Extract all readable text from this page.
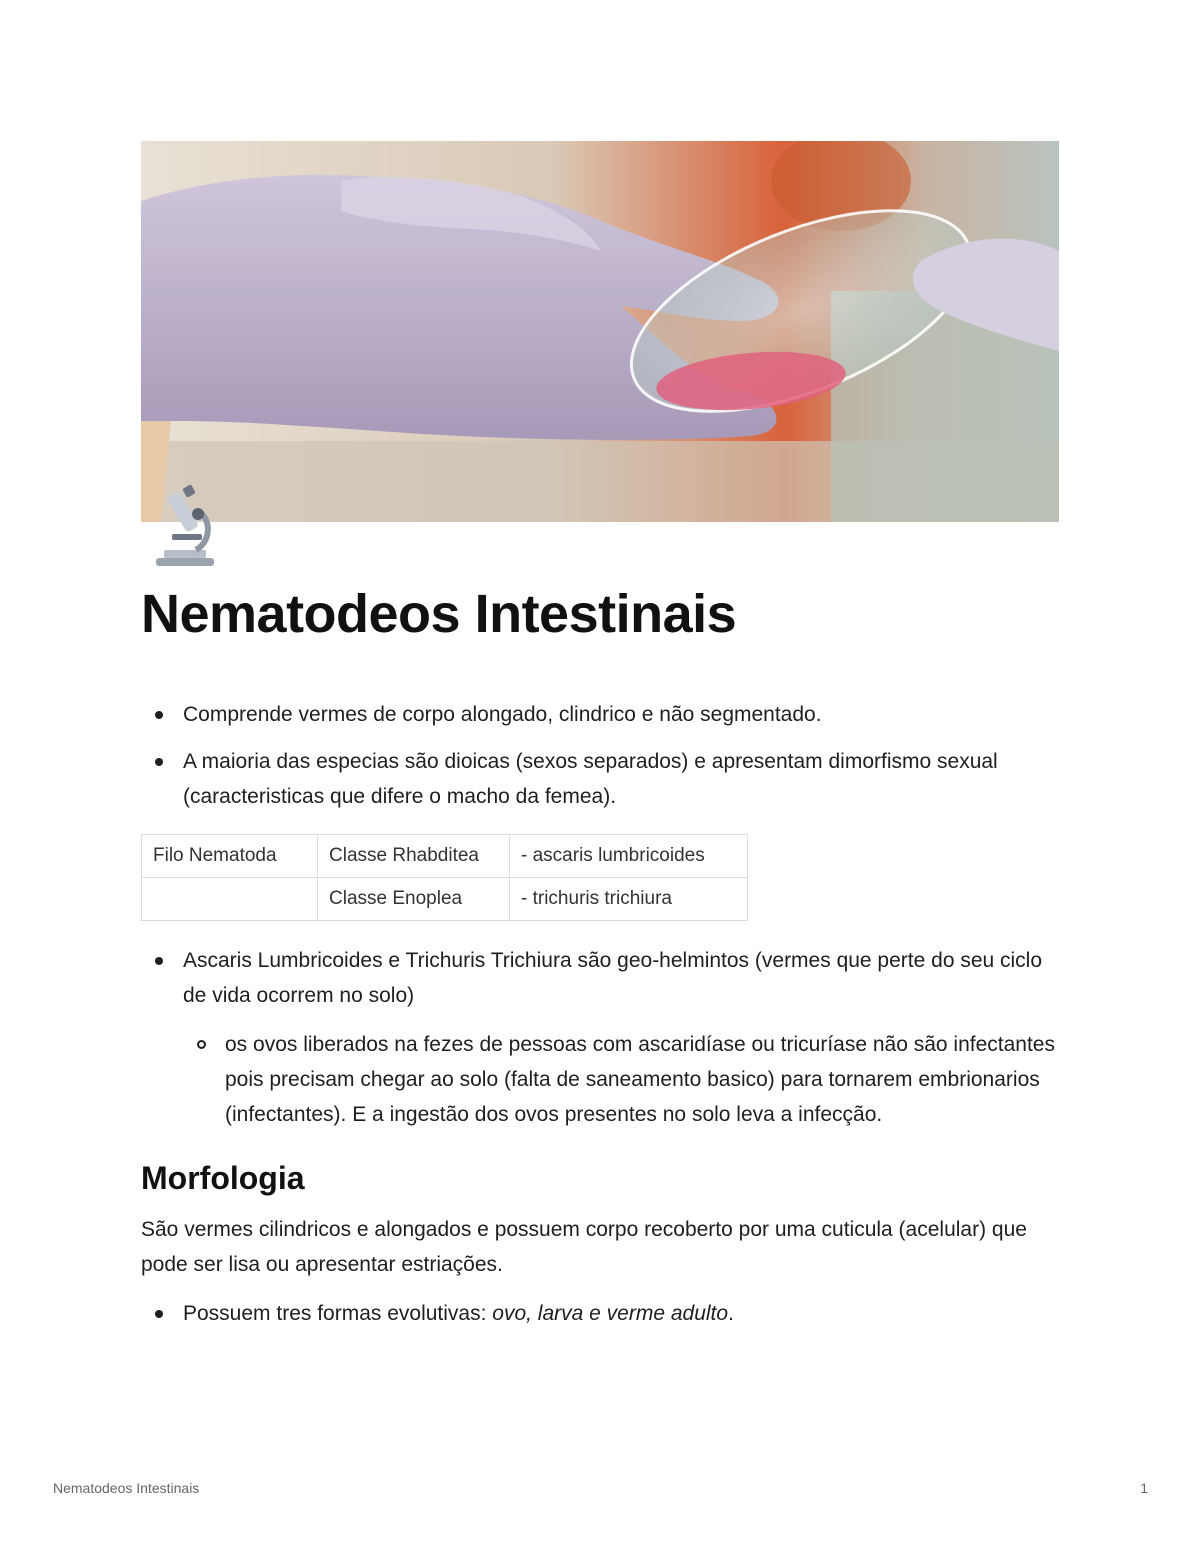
Nematodeos Intestinais
Comprende vermes de corpo alongado, clindrico e não segmentado.
A maioria das especias são dioicas (sexos separados) e apresentam dimorfismo sexual (caracteristicas que difere o macho da femea).
Filo Nematoda	Classe Rhabditea	- ascaris lumbricoides
	Classe Enoplea	- trichuris trichiura
Ascaris Lumbricoides e Trichuris Trichiura são geo-helmintos (vermes que perte do seu ciclo de vida ocorrem no solo)
os ovos liberados na fezes de pessoas com ascaridíase ou tricuríase não são infectantes pois precisam chegar ao solo (falta de saneamento basico) para tornarem embrionarios (infectantes). E a ingestão dos ovos presentes no solo leva a infecção.
Morfologia

São vermes cilindricos e alongados e possuem corpo recoberto por uma cuticula (acelular) que pode ser lisa ou apresentar estriações.

Possuem tres formas evolutivas: ovo, larva e verme adulto.
Nematodeos Intestinais	1
